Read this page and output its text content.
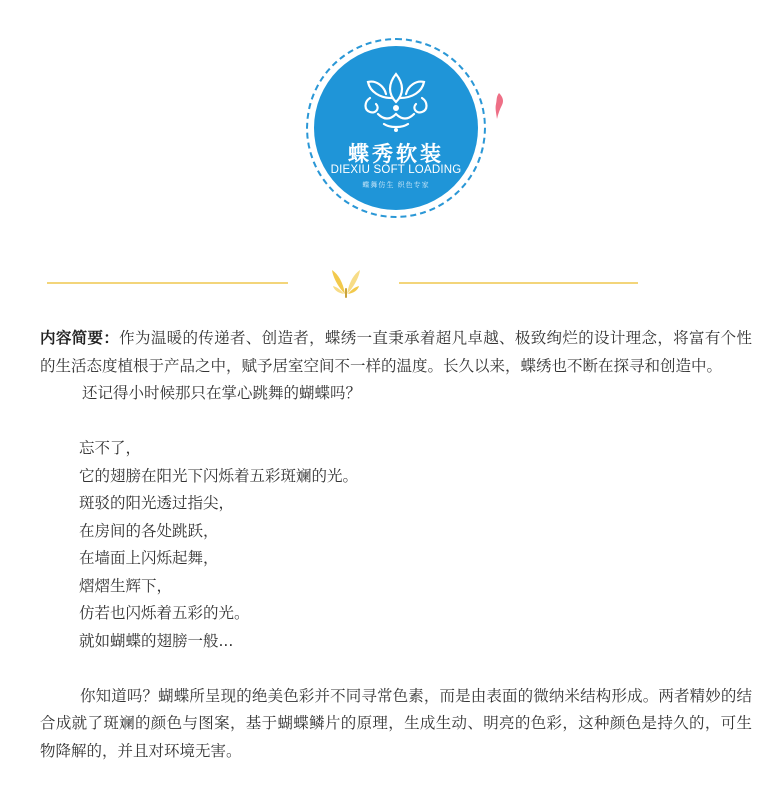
蝶秀软装
DIEXIU SOFT LOADING
蝶舞仿生 织色专家

内容简要：作为温暖的传递者、创造者，蝶绣一直秉承着超凡卓越、极致绚烂的设计理念，将富有个性的生活态度植根于产品之中，赋予居室空间不一样的温度。长久以来，蝶绣也不断在探寻和创造中。

还记得小时候那只在掌心跳舞的蝴蝶吗？

忘不了，

它的翅膀在阳光下闪烁着五彩斑斓的光。

斑驳的阳光透过指尖，

在房间的各处跳跃，

在墙面上闪烁起舞，

熠熠生辉下，

仿若也闪烁着五彩的光。

就如蝴蝶的翅膀一般...

你知道吗？蝴蝶所呈现的绝美色彩并不同寻常色素，而是由表面的微纳米结构形成。两者精妙的结合成就了斑斓的颜色与图案，基于蝴蝶鳞片的原理，生成生动、明亮的色彩，这种颜色是持久的，可生物降解的，并且对环境无害。
